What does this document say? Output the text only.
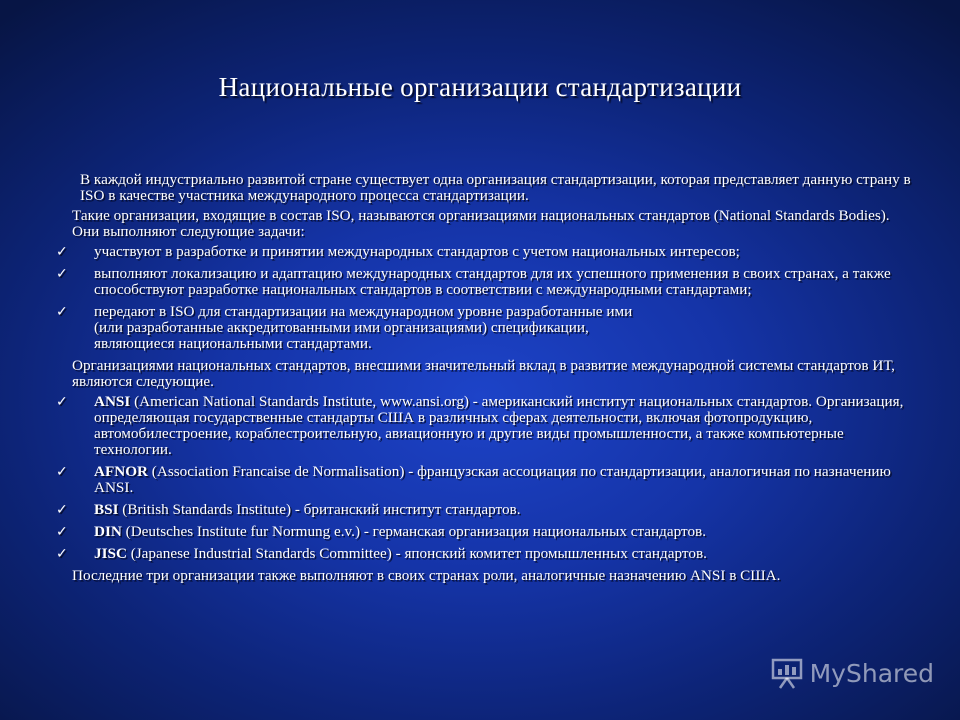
Национальные организации стандартизации

В каждой индустриально развитой стране существует одна организация стандартизации, которая представляет данную страну в ISO в качестве участника международного процесса стандартизации.

Такие организации, входящие в состав ISO, называются организациями национальных стандартов (National Standards Bodies). Они выполняют следующие задачи:

✓ участвуют в разработке и принятии международных стандартов с учетом национальных интересов;
✓ выполняют локализацию и адаптацию международных стандартов для их успешного применения в своих странах, а также способствуют разработке национальных стандартов в соответствии с международными стандартами;
✓ передают в ISO для стандартизации на международном уровне разработанные ими (или разработанные аккредитованными ими организациями) спецификации, являющиеся национальными стандартами.

Организациями национальных стандартов, внесшими значительный вклад в развитие международной системы стандартов ИТ, являются следующие.

✓ ANSI (American National Standards Institute, www.ansi.org) - американский институт национальных стандартов. Организация, определяющая государственные стандарты США в различных сферах деятельности, включая фотопродукцию, автомобилестроение, кораблестроительную, авиационную и другие виды промышленности, а также компьютерные технологии.
✓ AFNOR (Association Francaise de Normalisation) - французская ассоциация по стандартизации, аналогичная по назначению ANSI.
✓ BSI (British Standards Institute) - британский институт стандартов.
✓ DIN (Deutsches Institute fur Normung e.v.) - германская организация национальных стандартов.
✓ JISC (Japanese Industrial Standards Committee) - японский комитет промышленных стандартов.

Последние три организации также выполняют в своих странах роли, аналогичные назначению ANSI в США.

MyShared
